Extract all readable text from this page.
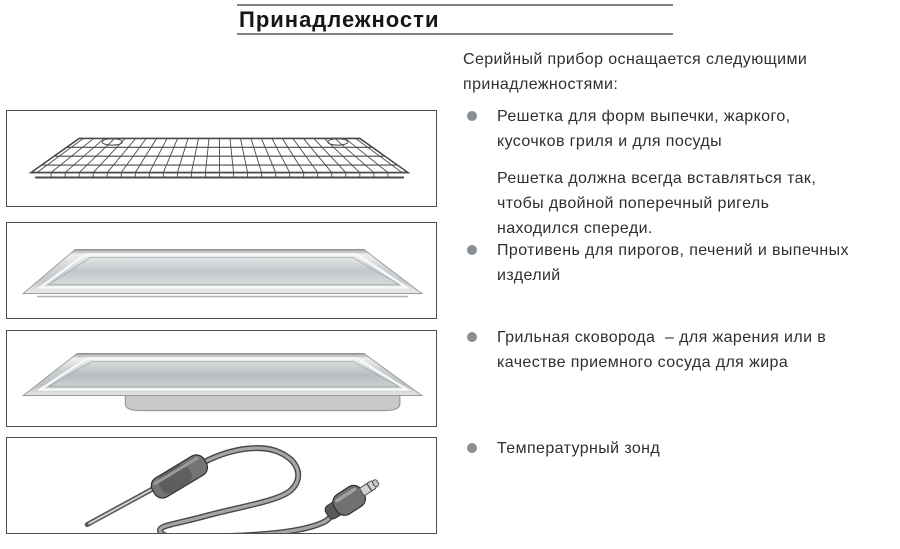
Принадлежности
Серийный прибор оснащается следующими
принадлежностями:
Решетка для форм выпечки, жаркого,
кусочков гриля и для посуды
Решетка должна всегда вставляться так,
чтобы двойной поперечный ригель
находился спереди.
Противень для пирогов, печений и выпечных
изделий
Грильная сковорода  – для жарения или в
качестве приемного сосуда для жира
Температурный зонд
